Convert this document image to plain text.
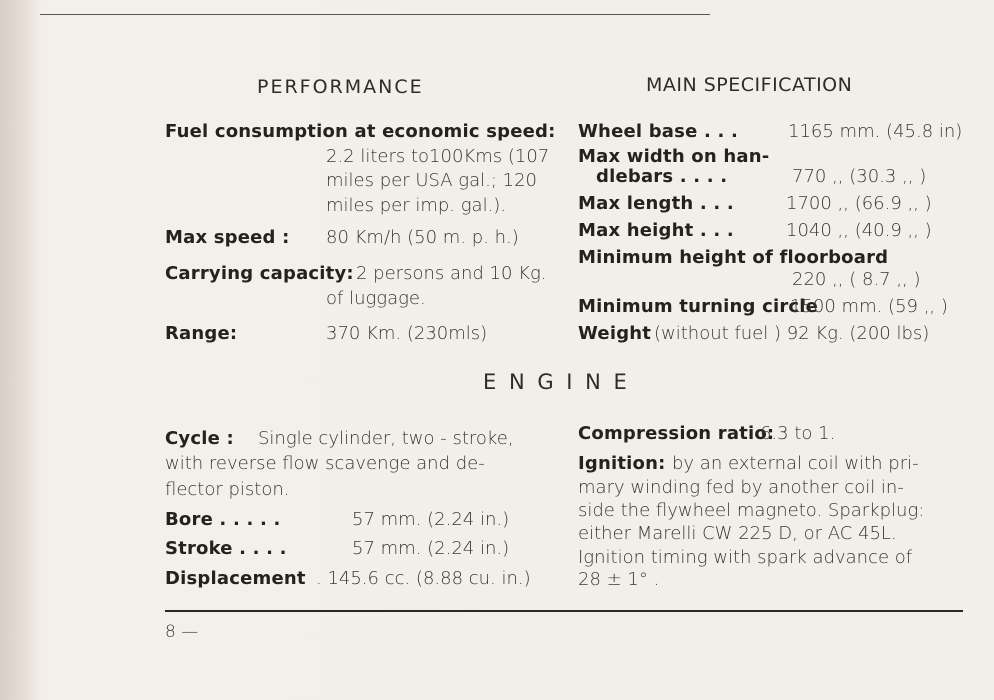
PERFORMANCE
Fuel consumption at economic speed:
2.2 liters to100Kms (107
miles per USA gal.; 120
miles per imp. gal.).
Max speed : 80 Km/h (50 m. p. h.)
Carrying capacity: 2 persons and 10 Kg.
of luggage.
Range:	370 Km. (230mls)
MAIN SPECIFICATION
Wheel base . . .	1165 mm. (45.8 in)
Max width on han-
dlebars . . . .	770 ,, (30.3 ,, )
Max length . . .	1700 ,, (66.9 ,, )
Max height . . .	1040 ,, (40.9 ,, )
Minimum height of floorboard
220 ,, ( 8.7 ,, )
Minimum turning circle
1500 mm. (59 ,, )
Weight (without fuel ) 92 Kg. (200 lbs)
E N G I N E
Cycle : Single cylinder, two - stroke,
with reverse flow scavenge and de-
flector piston.
Bore . . . . .	57 mm. (2.24 in.)
Stroke . . . .	57 mm. (2.24 in.)
Displacement . 145.6 cc. (8.88 cu. in.)
Compression ratio:
6.3 to 1.
Ignition: by an external coil with pri-
mary winding fed by another coil in-
side the flywheel magneto. Sparkplug:
either Marelli CW 225 D, or AC 45L.
Ignition timing with spark advance of
28 ± 1° .
8 —
